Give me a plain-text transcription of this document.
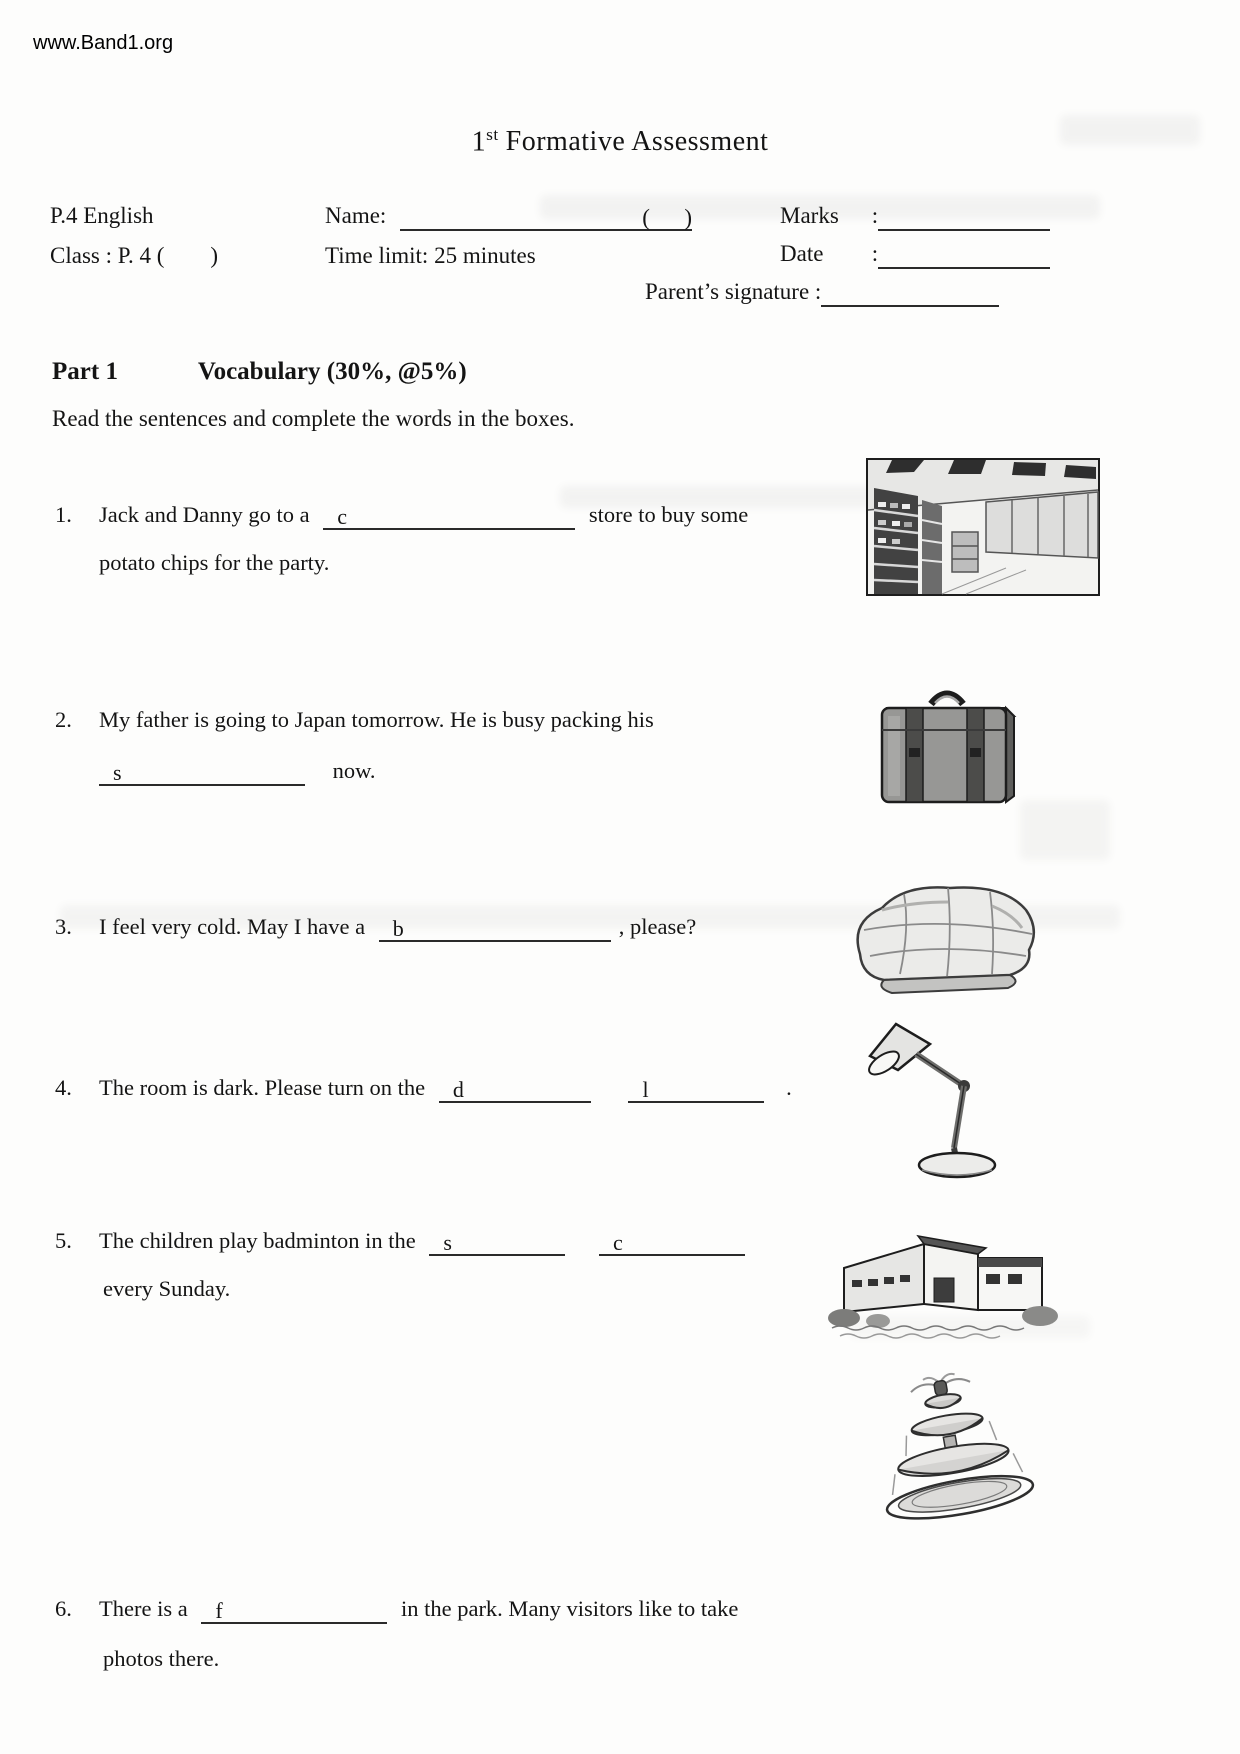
www.Band1.org
1st Formative Assessment
P.4 English
Class : P. 4 (        )
Name:	(      )
Time limit: 25 minutes
Marks :
Date :
Parent’s signature :
Part 1	Vocabulary (30%, @5%)
Read the sentences and complete the words in the boxes.
1. Jack and Danny go to a c	store to buy some
potato chips for the party.
2. My father is going to Japan tomorrow. He is busy packing his
s	now.
3. I feel very cold. May I have a b	, please?
4. The room is dark. Please turn on the d	l	.
5. The children play badminton in the s	c
every Sunday.
6. There is a f	in the park. Many visitors like to take
photos there.
